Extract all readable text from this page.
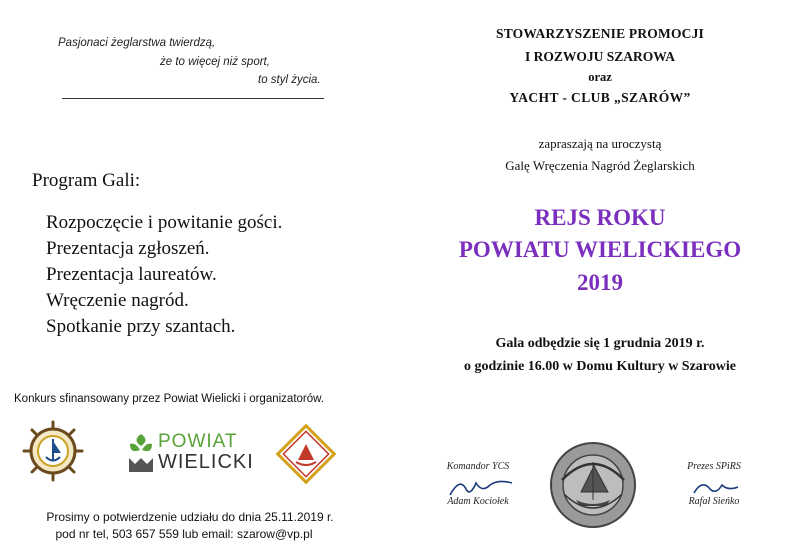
Pasjonaci żeglarstwa twierdzą,
że to więcej niż sport,
to styl życia.
Program Gali:
Rozpoczęcie i powitanie gości.
Prezentacja zgłoszeń.
Prezentacja laureatów.
Wręczenie nagród.
Spotkanie przy szantach.
Konkurs sfinansowany przez Powiat Wielicki i organizatorów.
POWIAT
WIELICKI
Prosimy o potwierdzenie udziału do dnia 25.11.2019 r.
pod nr tel, 503 657 559 lub email: szarow@vp.pl
STOWARZYSZENIE PROMOCJI
I ROZWOJU SZAROWA
oraz
YACHT - CLUB „SZARÓW”
zapraszają na uroczystą
Galę Wręczenia Nagród Żeglarskich
REJS ROKU
POWIATU WIELICKIEGO
2019
Gala odbędzie się 1 grudnia 2019 r.
o godzinie 16.00 w Domu Kultury w Szarowie
Komandor YCS
Adam Kociołek
Prezes SPiRS
Rafał Sieńko
